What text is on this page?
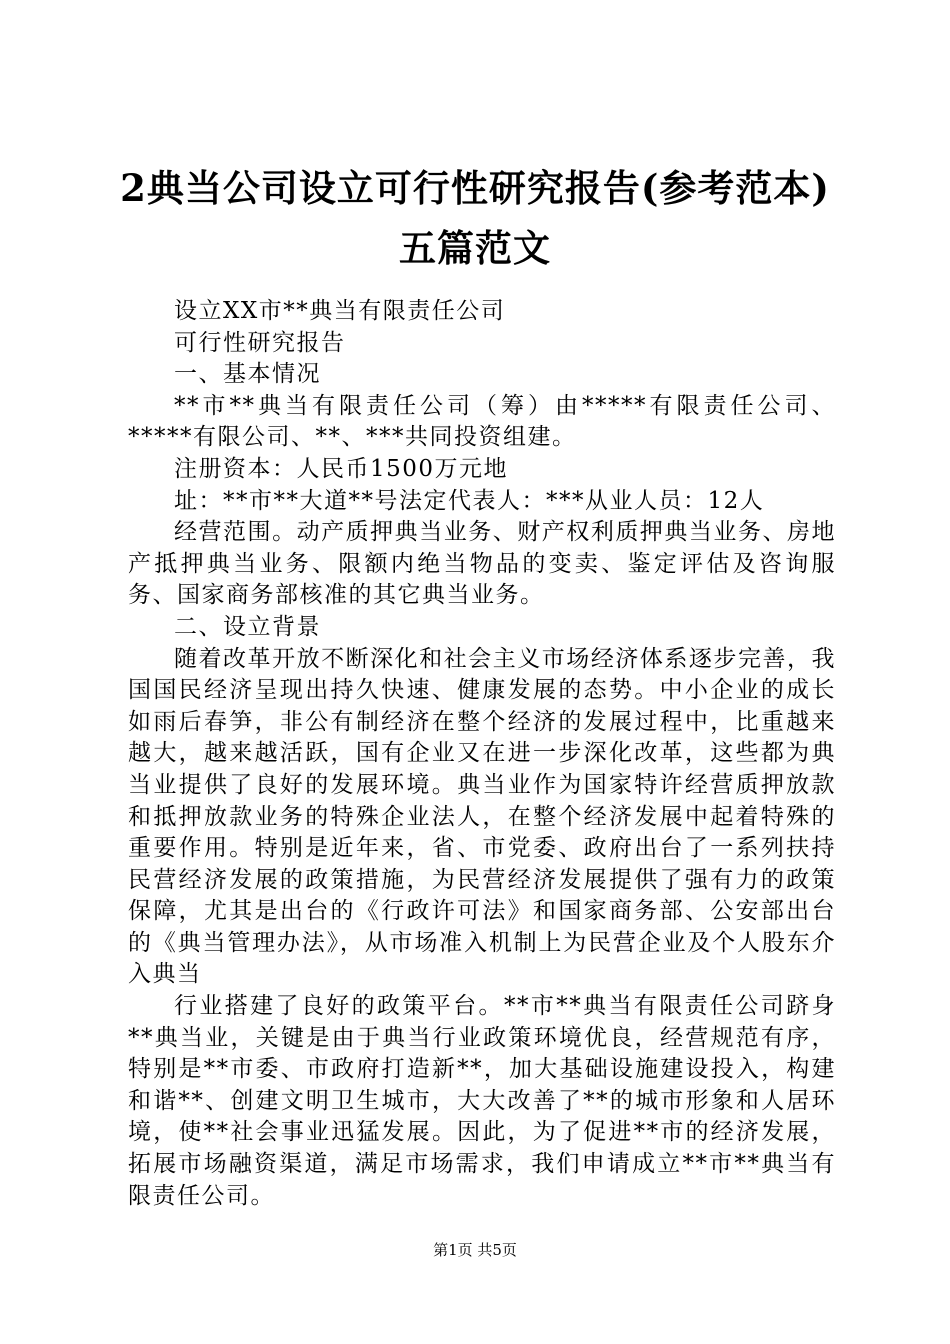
2典当公司设立可行性研究报告(参考范本)五篇范文

设立XX市**典当有限责任公司

可行性研究报告

一、基本情况

**市**典当有限责任公司（筹）由*****有限责任公司、*****有限公司、**、***共同投资组建。

注册资本：人民币1500万元地

址：**市**大道**号法定代表人：***从业人员：12人

经营范围。动产质押典当业务、财产权利质押典当业务、房地产抵押典当业务、限额内绝当物品的变卖、鉴定评估及咨询服务、国家商务部核准的其它典当业务。

二、设立背景

随着改革开放不断深化和社会主义市场经济体系逐步完善，我国国民经济呈现出持久快速、健康发展的态势。中小企业的成长如雨后春笋，非公有制经济在整个经济的发展过程中，比重越来越大，越来越活跃，国有企业又在进一步深化改革，这些都为典当业提供了良好的发展环境。典当业作为国家特许经营质押放款和抵押放款业务的特殊企业法人，在整个经济发展中起着特殊的重要作用。特别是近年来，省、市党委、政府出台了一系列扶持民营经济发展的政策措施，为民营经济发展提供了强有力的政策保障，尤其是出台的《行政许可法》和国家商务部、公安部出台的《典当管理办法》，从市场准入机制上为民营企业及个人股东介入典当

行业搭建了良好的政策平台。**市**典当有限责任公司跻身**典当业，关键是由于典当行业政策环境优良，经营规范有序，特别是**市委、市政府打造新**，加大基础设施建设投入，构建和谐**、创建文明卫生城市，大大改善了**的城市形象和人居环境，使**社会事业迅猛发展。因此，为了促进**市的经济发展，拓展市场融资渠道，满足市场需求，我们申请成立**市**典当有限责任公司。

第1页 共5页
